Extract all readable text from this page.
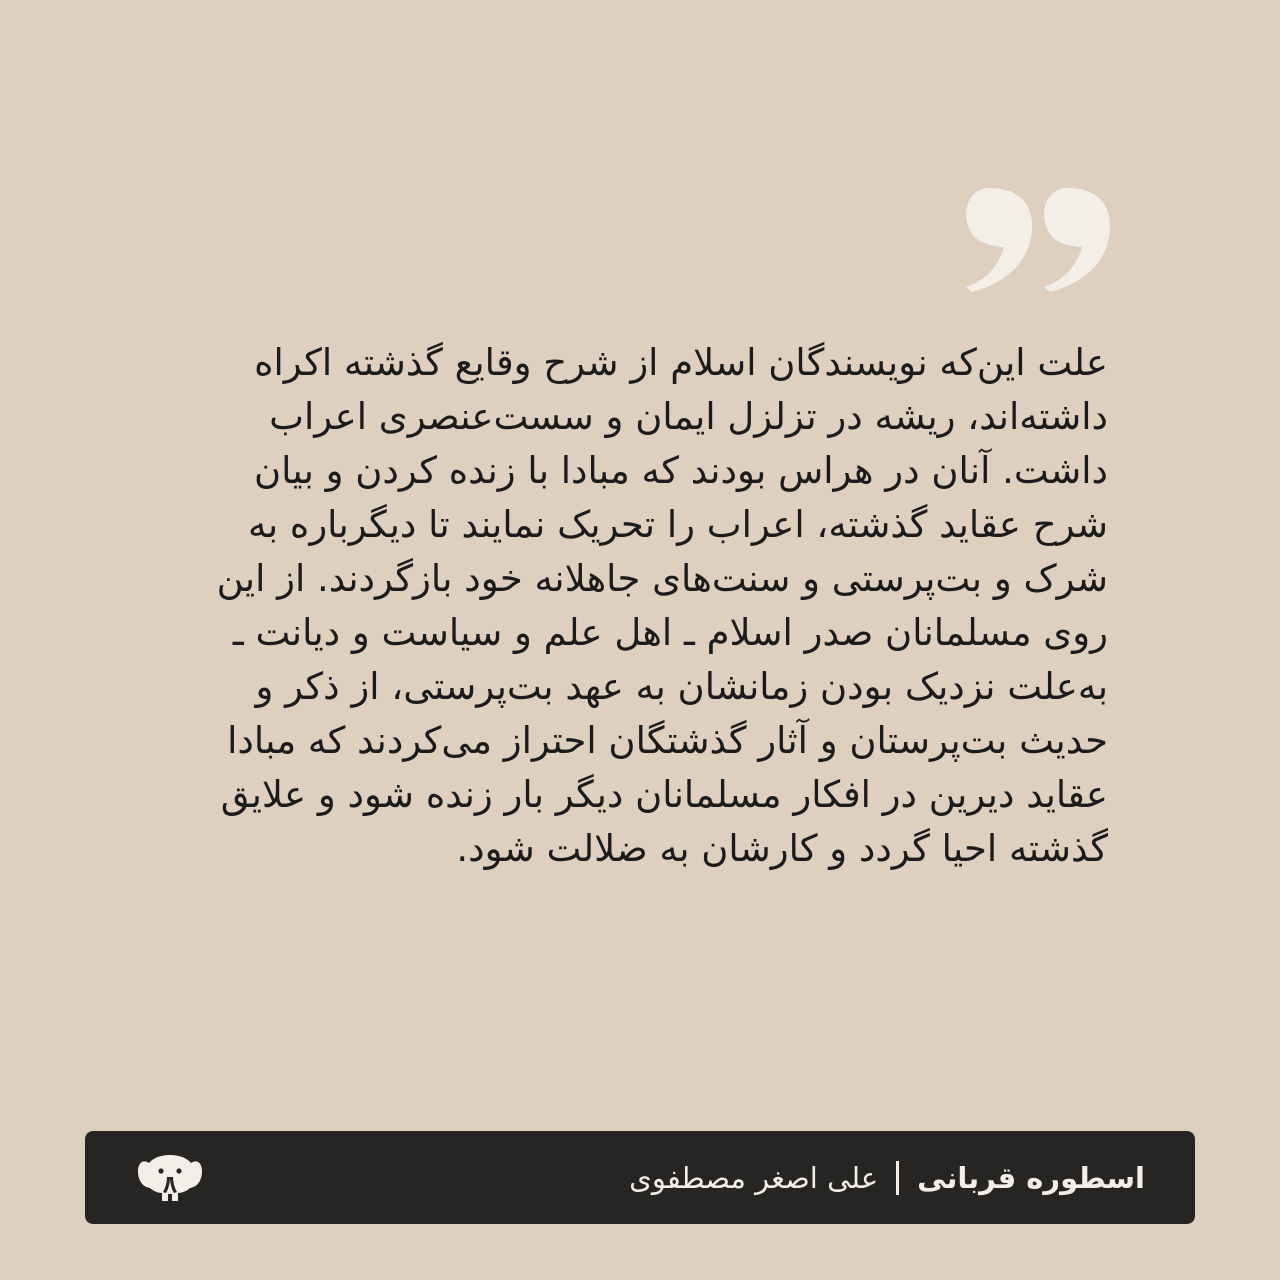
علت این‌که نویسندگان اسلام از شرح وقایع گذشته اکراه داشته‌اند، ریشه در تزلزل ایمان و سست‌عنصری اعراب داشت. آنان در هراس بودند که مبادا با زنده کردن و بیان شرح عقاید گذشته، اعراب را تحریک نمایند تا دیگرباره به شرک و بت‌پرستی و سنت‌های جاهلانه خود بازگردند. از این روی مسلمانان صدر اسلام ـ اهل علم و سیاست و دیانت ـ به‌علت نزدیک بودن زمانشان به عهد بت‌پرستی، از ذکر و حدیث بت‌پرستان و آثار گذشتگان احتراز می‌کردند که مبادا عقاید دیرین در افکار مسلمانان دیگر بار زنده شود و علایق گذشته احیا گردد و کارشان به ضلالت شود.

اسطوره قربانی
علی اصغر مصطفوی
